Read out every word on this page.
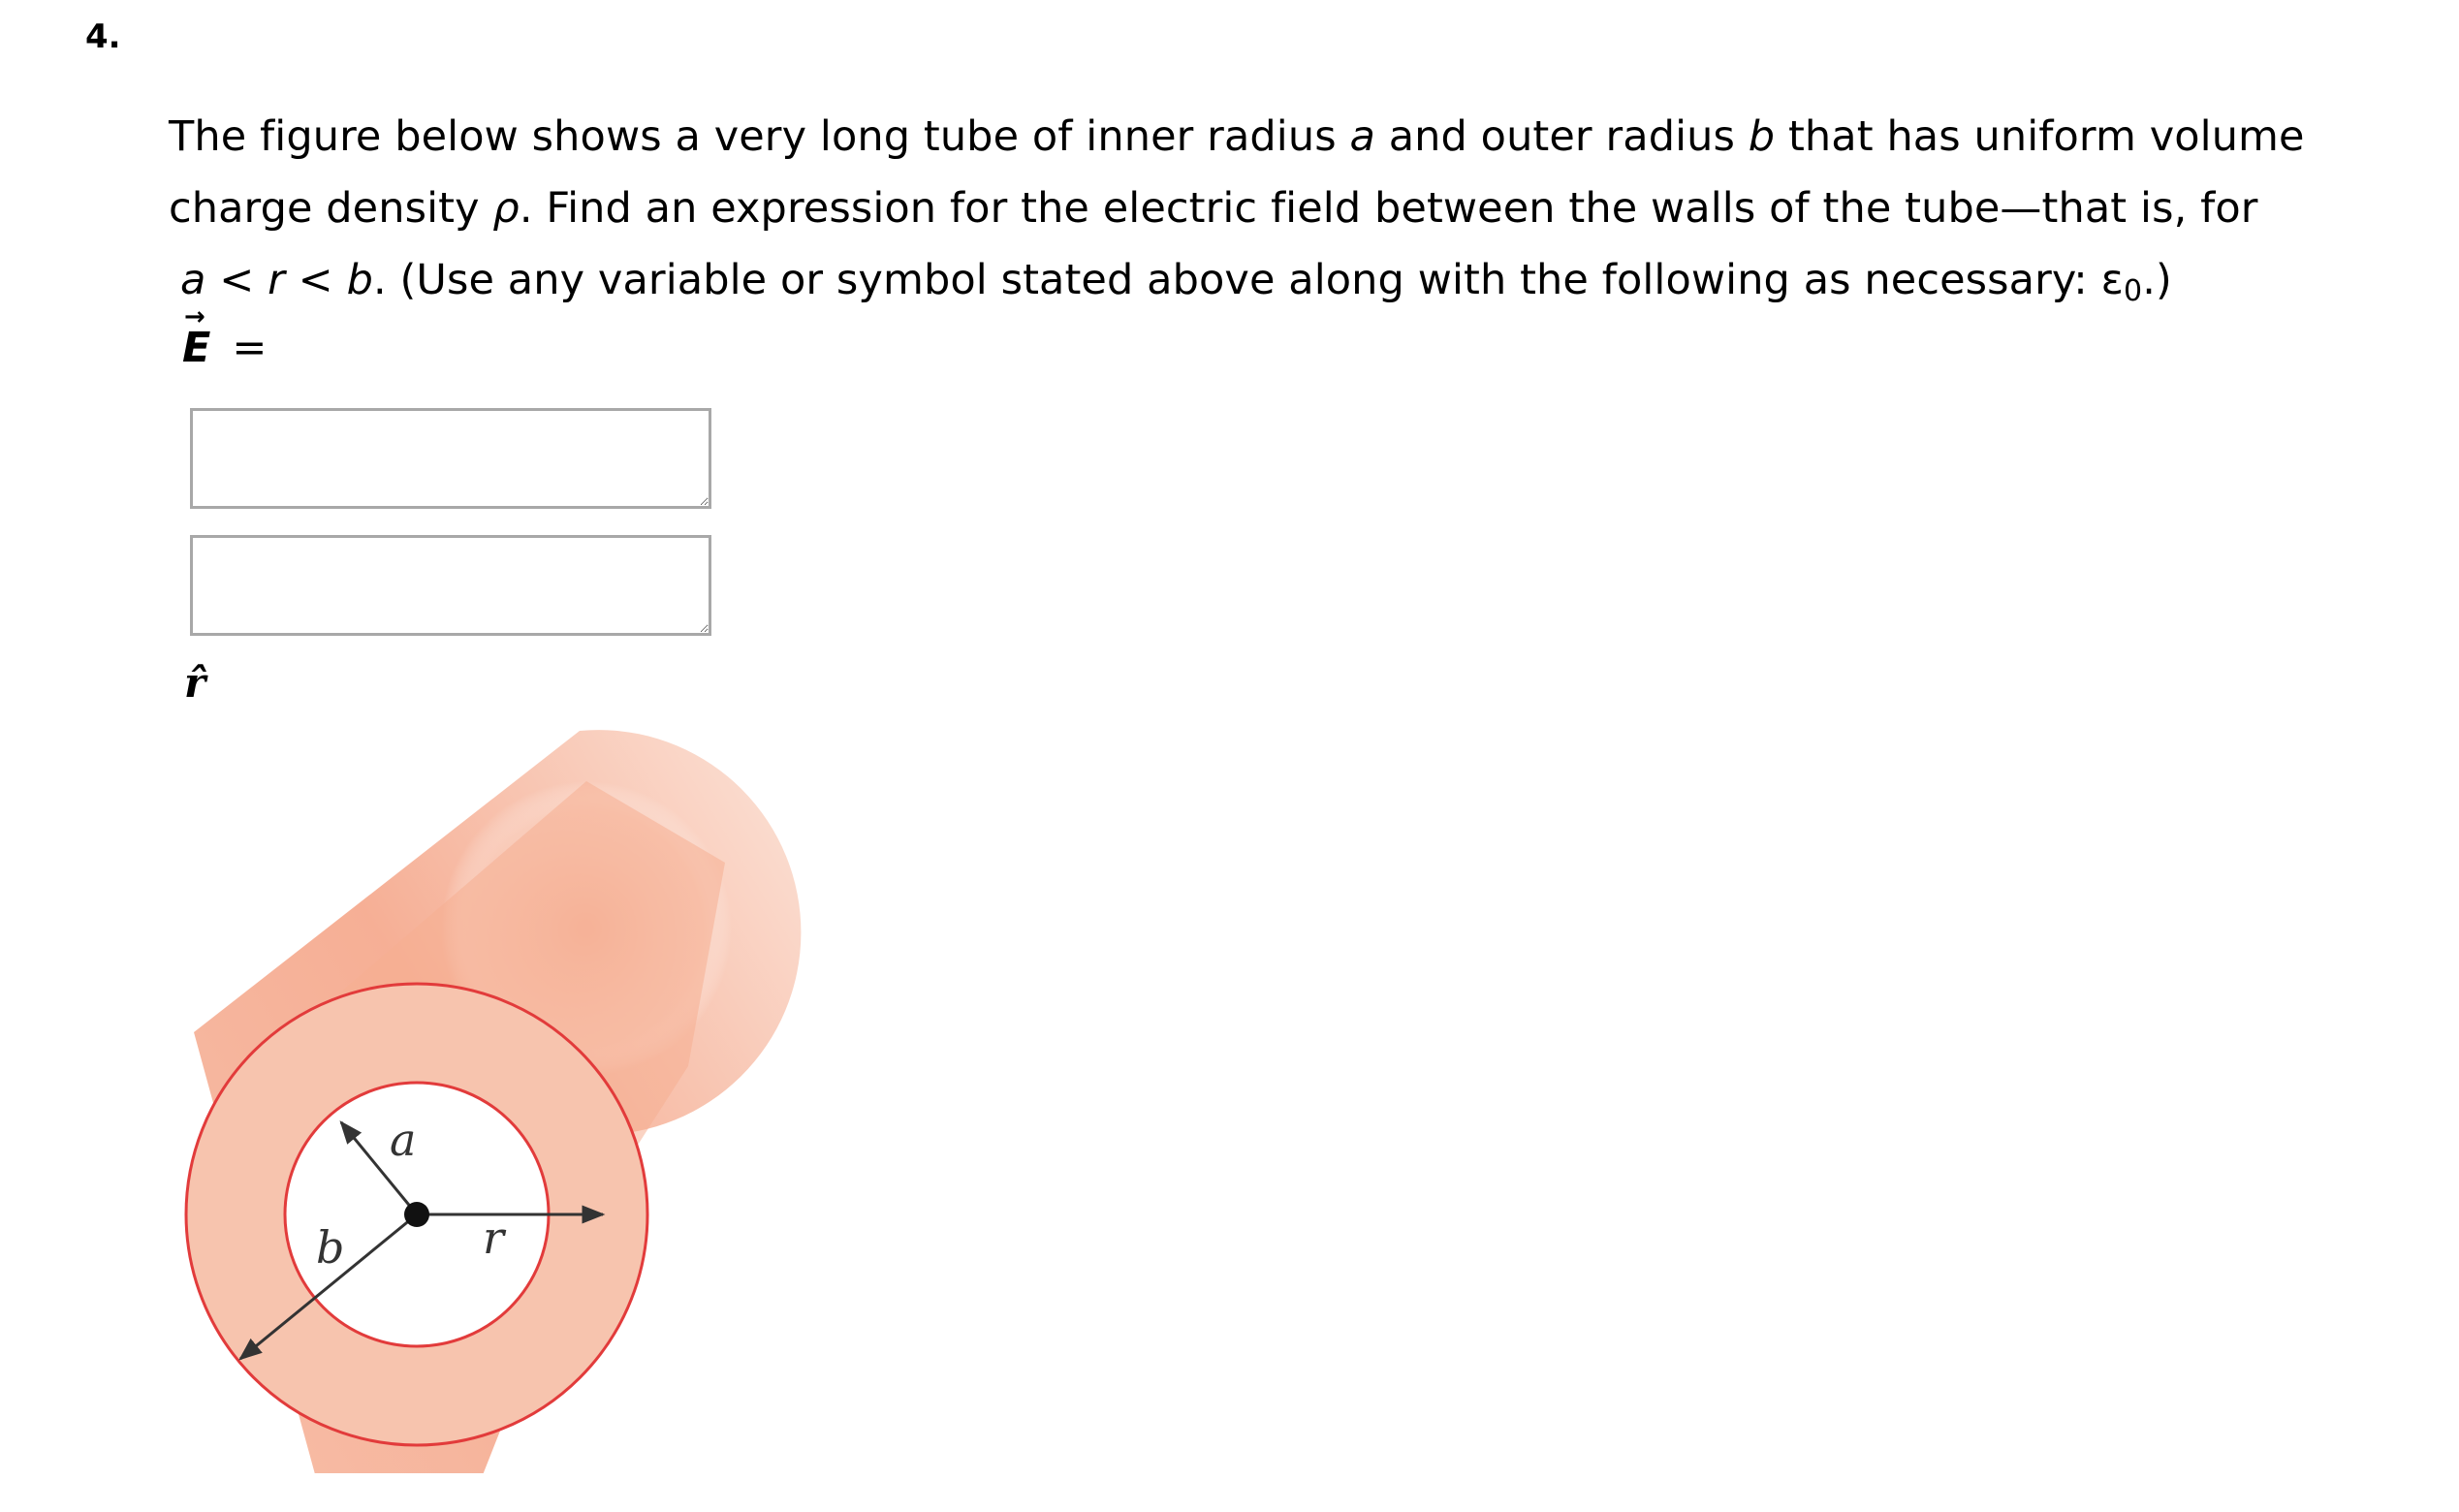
4.
The figure below shows a very long tube of inner radius a and outer radius b that has uniform volume
charge density ρ. Find an expression for the electric field between the walls of the tube—that is, for
a < r < b. (Use any variable or symbol stated above along with the following as necessary: $\varepsilon_0$.)
→
E =
r̂
a
b	r
